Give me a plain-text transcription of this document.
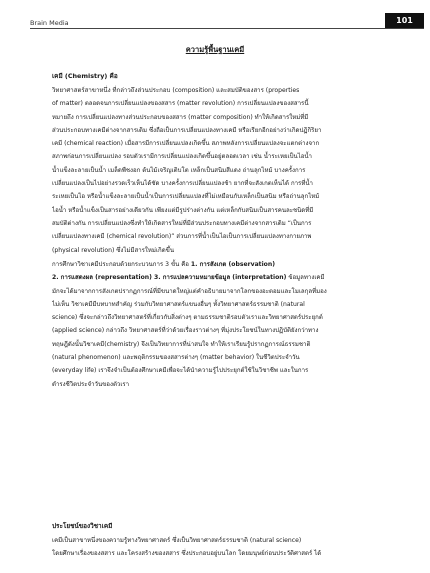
Brain Media	101
ความรู้พื้นฐานเคมี
เคมี (Chemistry) คือ
วิทยาศาสตร์สาขาหนึ่ง ที่กล่าวถึงส่วนประกอบ (composition) และสมบัติของสาร (properties
of matter) ตลอดจนการเปลี่ยนแปลงของสสาร (matter revolution) การเปลี่ยนแปลงของสสารนี้
หมายถึง การเปลี่ยนแปลงทางส่วนประกอบของสสาร (matter composition) ทำให้เกิดสารใหม่ที่มี
ส่วนประกอบทางเคมีต่างจากสารเดิม ซึ่งถือเป็นการเปลี่ยนแปลงทางเคมี หรือเรียกอีกอย่างว่าเกิดปฏิกิริยา
เคมี (chemical reaction) เมื่อสารมีการเปลี่ยนแปลงเกิดขึ้น สภาพหลังการเปลี่ยนแปลงจะแตกต่างจาก
สภาพก่อนการเปลี่ยนแปลง รอบตัวเรามีการเปลี่ยนแปลงเกิดขึ้นอยู่ตลอดเวลา เช่น น้ำระเหยเป็นไอน้ำ
น้ำแข็งละลายเป็นน้ำ เมล็ดพืชงอก ต้นไม้เจริญเติบโต เหล็กเป็นสนิมสีแดง ถ่านลุกไหม้ บางครั้งการ
เปลี่ยนแปลงเป็นไปอย่างรวดเร็วเห็นได้ชัด บางครั้งการเปลี่ยนแปลงช้า ยากที่จะสังเกตเห็นได้ การที่น้ำ
ระเหยเป็นไอ หรือน้ำแข็งละลายเป็นน้ำเป็นการเปลี่ยนแปลงที่ไม่เหมือนกับเหล็กเป็นสนิม หรือถ่านลุกไหม้
ไอน้ำ หรือน้ำแข็งเป็นสารอย่างเดียวกัน เพียงแต่มีรูปร่างต่างกัน แต่เหล็กกับสนิมเป็นสารคนละชนิดที่มี
สมบัติต่างกัน การเปลี่ยนแปลงซึ่งทำให้เกิดสารใหม่ที่มีส่วนประกอบทางเคมีต่างจากสารเดิม “เป็นการ
เปลี่ยนแปลงทางเคมี (chemical revolution)” ส่วนการที่น้ำเป็นไอเป็นการเปลี่ยนแปลงทางกายภาพ
(physical revolution) ซึ่งไม่มีสารใหม่เกิดขึ้น
การศึกษาวิชาเคมีประกอบด้วยกระบวนการ 3 ขั้น คือ 1. การสังเกต (observation)
2. การแสดงผล (representation) 3. การแปลความหมายข้อมูล (interpretation) ข้อมูลทางเคมี
มักจะได้มาจากการสังเกตปรากฏการณ์ที่มีขนาดใหญ่แต่คำอธิบายมาจากโลกของอะตอมและโมเลกุลที่มอง
ไม่เห็น วิชาเคมีมีบทบาทสำคัญ ร่วมกับวิทยาศาสตร์แขนงอื่นๆ ทั้งวิทยาศาสตร์ธรรมชาติ (natural
science) ซึ่งจะกล่าวถึงวิทยาศาสตร์ที่เกี่ยวกับสิ่งต่างๆ ตามธรรมชาติรอบตัวเราและวิทยาศาสตร์ประยุกต์
(applied science) กล่าวถึง วิทยาศาสตร์ที่ว่าด้วยเรื่องราวต่างๆ ที่มุ่งประโยชน์ในทางปฏิบัติยังกว่าทาง
ทฤษฎีดังนั้นวิชาเคมี(chemistry) จึงเป็นวิทยาการที่น่าสนใจ ทำให้เราเรียนรู้ปรากฏการณ์ธรรมชาติ
(natural phenomenon) และพฤติกรรมของสสารต่างๆ (matter behavior) ในชีวิตประจำวัน
(everyday life) เราจึงจำเป็นต้องศึกษาเคมีเพื่อจะได้นำความรู้ไปประยุกต์ใช้ในวิชาชีพ และในการ
ดำรงชีวิตประจำวันของตัวเรา
ประโยชน์ของวิชาเคมี
เคมีเป็นสาขาหนึ่งของความรู้ทางวิทยาศาสตร์ ซึ่งเป็นวิทยาศาสตร์ธรรมชาติ (natural science)
โดยศึกษาเรื่องของสสาร และโครงสร้างของสสาร ซึ่งประกอบอยู่บนโลก โดยมนุษย์ก่อนประวัติศาสตร์ ได้
